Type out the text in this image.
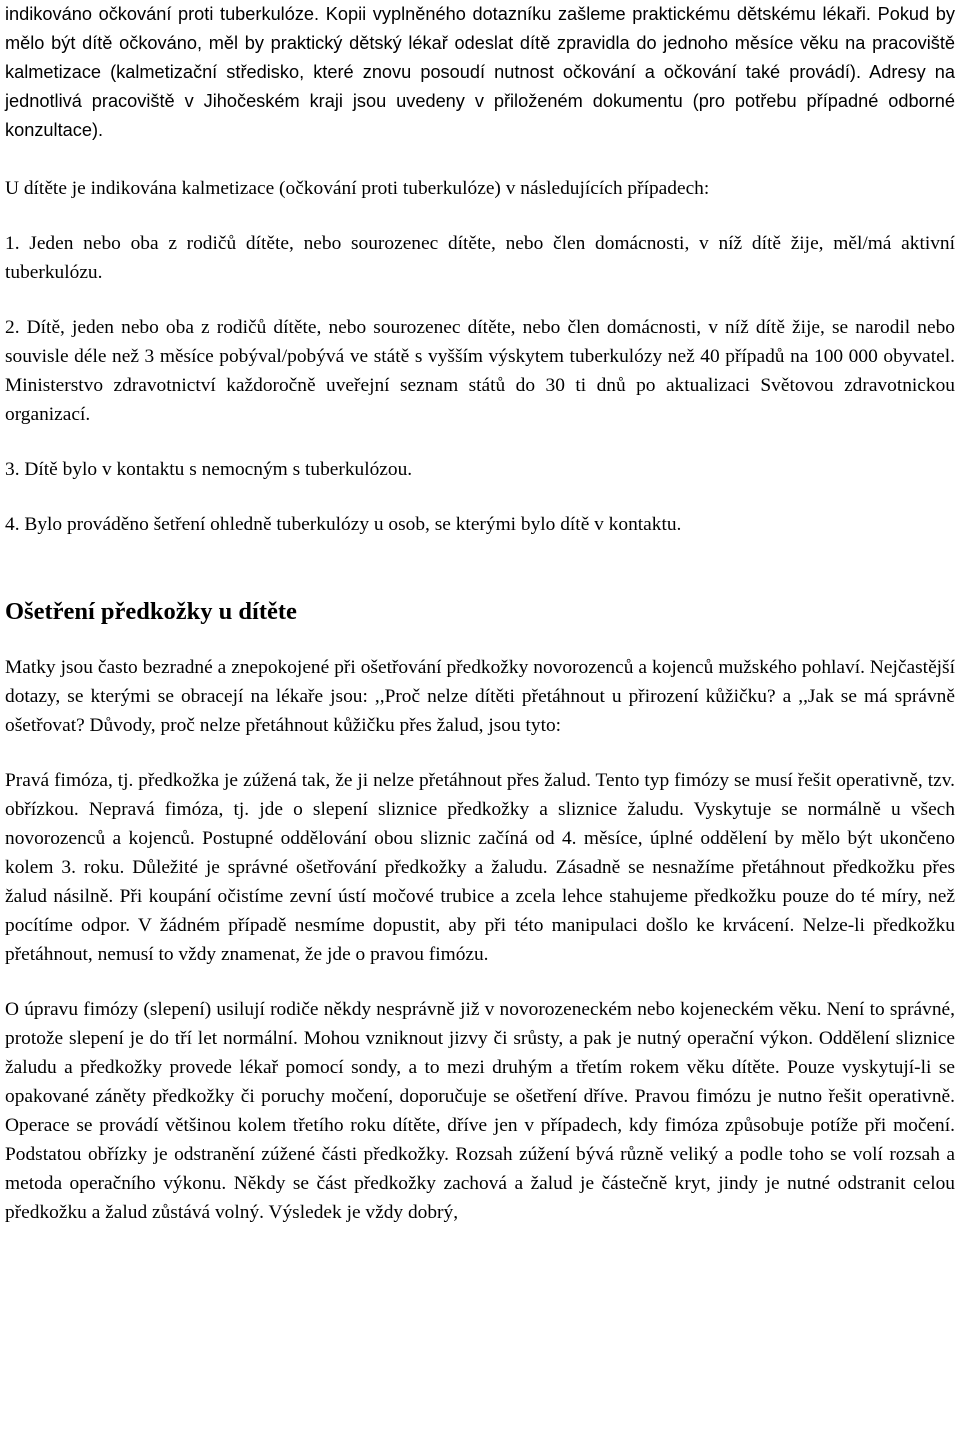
indikováno očkování proti tuberkulóze. Kopii vyplněného dotazníku zašleme praktickému dětskému lékaři. Pokud by mělo být dítě očkováno, měl by praktický dětský lékař odeslat dítě zpravidla do jednoho měsíce věku na pracoviště kalmetizace (kalmetizační středisko, které znovu posoudí nutnost očkování a očkování také provádí). Adresy na jednotlivá pracoviště v Jihočeském kraji jsou uvedeny v přiloženém dokumentu (pro potřebu případné odborné konzultace).

U dítěte je indikována kalmetizace (očkování proti tuberkulóze) v následujících případech:

1. Jeden nebo oba z rodičů dítěte, nebo sourozenec dítěte, nebo člen domácnosti, v níž dítě žije, měl/má aktivní tuberkulózu.

2. Dítě, jeden nebo oba z rodičů dítěte, nebo sourozenec dítěte, nebo člen domácnosti, v níž dítě žije, se narodil nebo souvisle déle než 3 měsíce pobýval/pobývá ve státě s vyšším výskytem tuberkulózy než 40 případů na 100 000 obyvatel. Ministerstvo zdravotnictví každoročně uveřejní seznam států do 30 ti dnů po aktualizaci Světovou zdravotnickou organizací.

3. Dítě bylo v kontaktu s nemocným s tuberkulózou.

4. Bylo prováděno šetření ohledně tuberkulózy u osob, se kterými bylo dítě v kontaktu.

Ošetření předkožky u dítěte

Matky jsou často bezradné a znepokojené při ošetřování předkožky novorozenců a kojenců mužského pohlaví. Nejčastější dotazy, se kterými se obracejí na lékaře jsou: ,,Proč nelze dítěti přetáhnout u přirození kůžičku? a ,,Jak se má správně ošetřovat? Důvody, proč nelze přetáhnout kůžičku přes žalud, jsou tyto:

Pravá fimóza, tj. předkožka je zúžená tak, že ji nelze přetáhnout přes žalud. Tento typ fimózy se musí řešit operativně, tzv. obřízkou. Nepravá fimóza, tj. jde o slepení sliznice předkožky a sliznice žaludu. Vyskytuje se normálně u všech novorozenců a kojenců. Postupné oddělování obou sliznic začíná od 4. měsíce, úplné oddělení by mělo být ukončeno kolem 3. roku. Důležité je správné ošetřování předkožky a žaludu. Zásadně se nesnažíme přetáhnout předkožku přes žalud násilně. Při koupání očistíme zevní ústí močové trubice a zcela lehce stahujeme předkožku pouze do té míry, než pocítíme odpor. V žádném případě nesmíme dopustit, aby při této manipulaci došlo ke krvácení. Nelze-li předkožku přetáhnout, nemusí to vždy znamenat, že jde o pravou fimózu.

O úpravu fimózy (slepení) usilují rodiče někdy nesprávně již v novorozeneckém nebo kojeneckém věku. Není to správné, protože slepení je do tří let normální. Mohou vzniknout jizvy či srůsty, a pak je nutný operační výkon. Oddělení sliznice žaludu a předkožky provede lékař pomocí sondy, a to mezi druhým a třetím rokem věku dítěte. Pouze vyskytují-li se opakované záněty předkožky či poruchy močení, doporučuje se ošetření dříve. Pravou fimózu je nutno řešit operativně. Operace se provádí většinou kolem třetího roku dítěte, dříve jen v případech, kdy fimóza způsobuje potíže při močení. Podstatou obřízky je odstranění zúžené části předkožky. Rozsah zúžení bývá různě veliký a podle toho se volí rozsah a metoda operačního výkonu. Někdy se část předkožky zachová a žalud je částečně kryt, jindy je nutné odstranit celou předkožku a žalud zůstává volný. Výsledek je vždy dobrý,
